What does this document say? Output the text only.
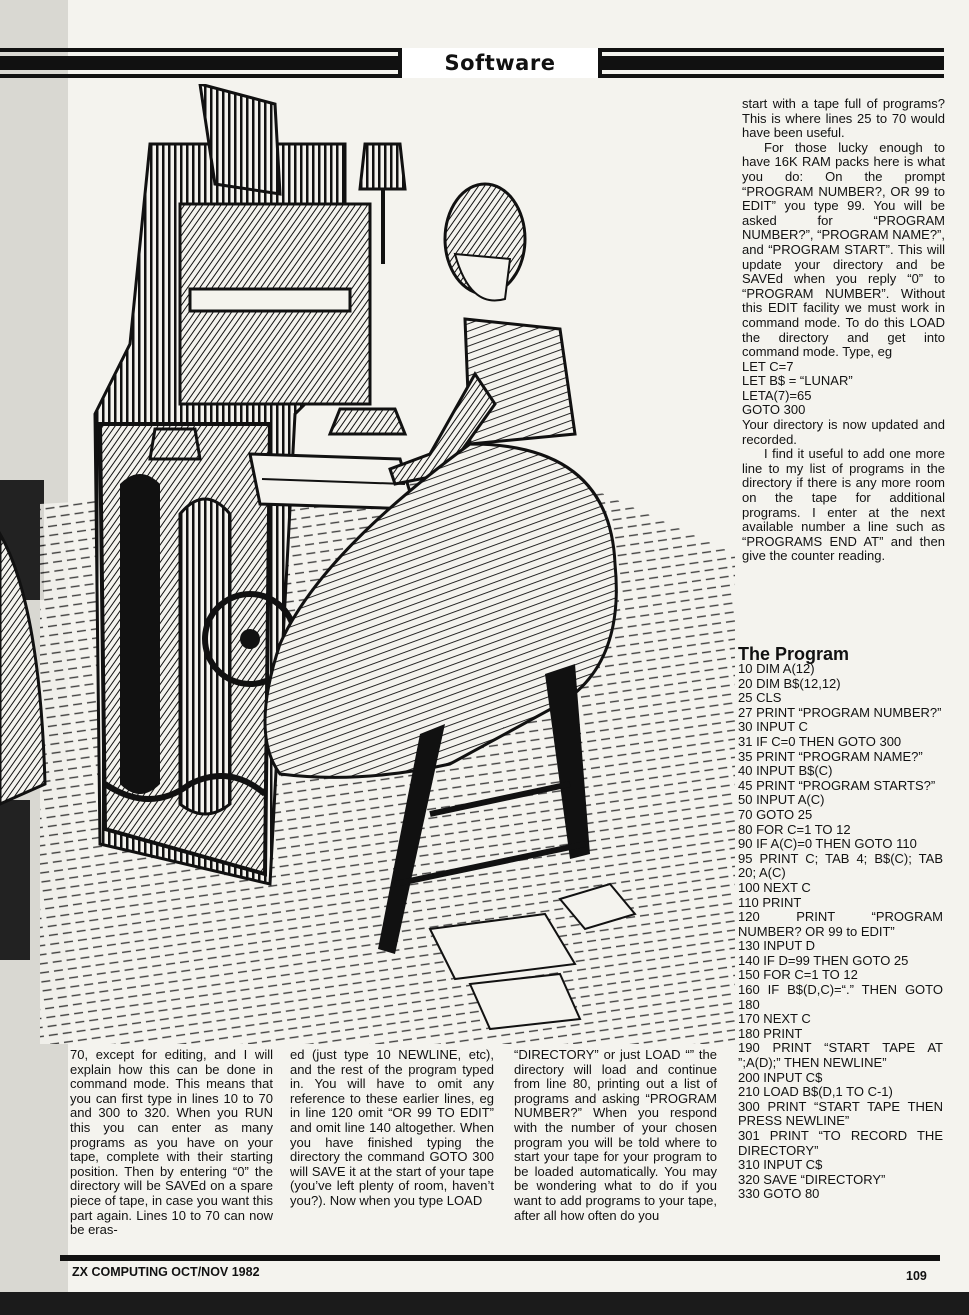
Software

start with a tape full of programs? This is where lines 25 to 70 would have been useful.

For those lucky enough to have 16K RAM packs here is what you do: On the prompt “PROGRAM NUMBER?, OR 99 to EDIT” you type 99. You will be asked for “PROGRAM NUMBER?”, “PROGRAM NAME?”, and “PROGRAM START”. This will update your directory and be SAVEd when you reply “0” to “PROGRAM NUMBER”. Without this EDIT facility we must work in command mode. To do this LOAD the directory and get into command mode. Type, eg

LET C=7

LET B$ = “LUNAR”

LETA(7)=65

GOTO 300

Your directory is now updated and recorded.

I find it useful to add one more line to my list of programs in the directory if there is any more room on the tape for additional programs. I enter at the next available number a line such as “PROGRAMS END AT” and then give the counter reading.

The Program
10 DIM A(12)
20 DIM B$(12,12)
25 CLS
27 PRINT “PROGRAM NUMBER?”
30 INPUT C
31 IF C=0 THEN GOTO 300
35 PRINT “PROGRAM NAME?”
40 INPUT B$(C)
45 PRINT “PROGRAM STARTS?”
50 INPUT A(C)
70 GOTO 25
80 FOR C=1 TO 12
90 IF A(C)=0 THEN GOTO 110
95 PRINT C; TAB 4; B$(C); TAB 20; A(C)
100 NEXT C
110 PRINT
120 PRINT “PROGRAM NUMBER? OR 99 to EDIT”
130 INPUT D
140 IF D=99 THEN GOTO 25
150 FOR C=1 TO 12
160 IF B$(D,C)=“.” THEN GOTO 180
170 NEXT C
180 PRINT
190 PRINT “START TAPE AT ”;A(D);” THEN NEWLINE”
200 INPUT C$
210 LOAD B$(D,1 TO C-1)
300 PRINT “START TAPE THEN PRESS NEWLINE”
301 PRINT “TO RECORD THE DIRECTORY”
310 INPUT C$
320 SAVE “DIRECTORY”
330 GOTO 80

70, except for editing, and I will explain how this can be done in command mode. This means that you can first type in lines 10 to 70 and 300 to 320. When you RUN this you can enter as many programs as you have on your tape, complete with their starting position. Then by entering “0” the directory will be SAVEd on a spare piece of tape, in case you want this part again. Lines 10 to 70 can now be eras-

ed (just type 10 NEWLINE, etc), and the rest of the program typed in. You will have to omit any reference to these earlier lines, eg in line 120 omit “OR 99 TO EDIT” and omit line 140 altogether. When you have finished typing the directory the command GOTO 300 will SAVE it at the start of your tape (you’ve left plenty of room, haven’t you?). Now when you type LOAD

“DIRECTORY” or just LOAD “” the directory will load and continue from line 80, printing out a list of programs and asking “PROGRAM NUMBER?” When you respond with the number of your chosen program you will be told where to start your tape for your program to be loaded automatically. You may be wondering what to do if you want to add programs to your tape, after all how often do you

ZX COMPUTING OCT/NOV 1982	109
